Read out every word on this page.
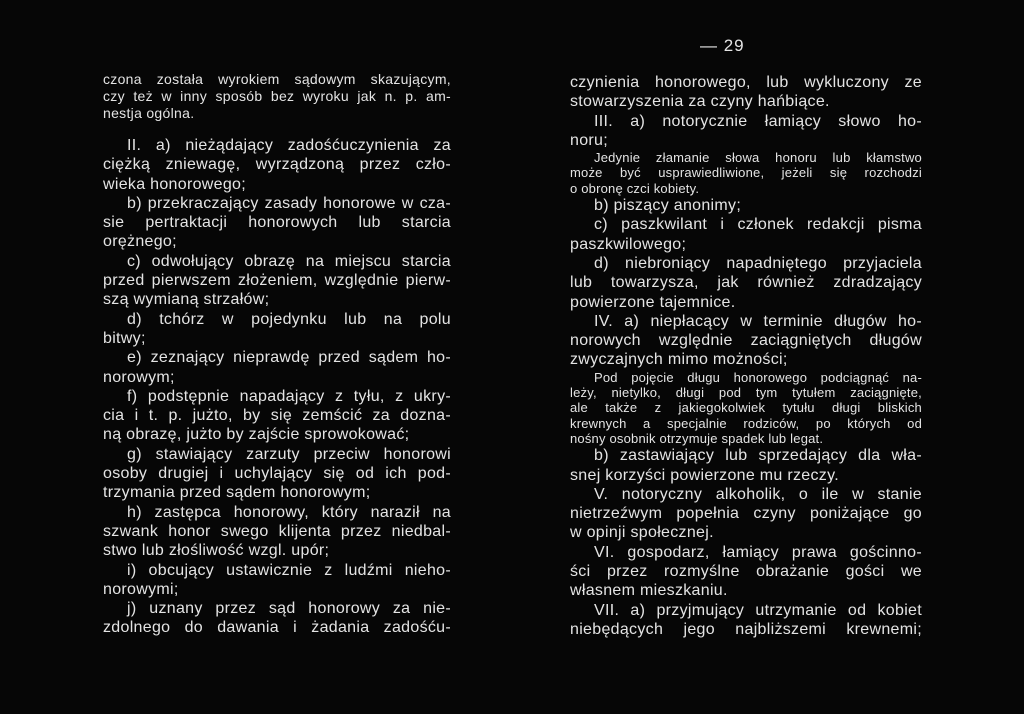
— 29
czona została wyrokiem sądowym skazującym,
czy też w inny sposób bez wyroku jak n. p. am-
nestja ogólna.
II. a) nieżądający zadośćuczynienia za
ciężką zniewagę, wyrządzoną przez czło-
wieka honorowego;
b) przekraczający zasady honorowe w cza-
sie pertraktacji honorowych lub starcia
orężnego;
c) odwołujący obrazę na miejscu starcia
przed pierwszem złożeniem, względnie pierw-
szą wymianą strzałów;
d) tchórz w pojedynku lub na polu
bitwy;
e) zeznający nieprawdę przed sądem ho-
norowym;
f) podstępnie napadający z tyłu, z ukry-
cia i t. p. jużto, by się zemścić za dozna-
ną obrazę, jużto by zajście sprowokować;
g) stawiający zarzuty przeciw honorowi
osoby drugiej i uchylający się od ich pod-
trzymania przed sądem honorowym;
h) zastępca honorowy, który naraził na
szwank honor swego klijenta przez niedbal-
stwo lub złośliwość wzgl. upór;
i) obcujący ustawicznie z ludźmi nieho-
norowymi;
j) uznany przez sąd honorowy za nie-
zdolnego do dawania i żadania zadośću-
czynienia honorowego, lub wykluczony ze
stowarzyszenia za czyny hańbiące.
III. a) notorycznie łamiący słowo ho-
noru;
Jedynie złamanie słowa honoru lub kłamstwo
może być usprawiedliwione, jeżeli się rozchodzi
o obronę czci kobiety.
b) piszący anonimy;
c) paszkwilant i członek redakcji pisma
paszkwilowego;
d) niebroniący napadniętego przyjaciela
lub towarzysza, jak również zdradzający
powierzone tajemnice.
IV. a) niepłacący w terminie długów ho-
norowych względnie zaciągniętych długów
zwyczajnych mimo możności;
Pod pojęcie długu honorowego podciągnąć na-
leży, nietylko, długi pod tym tytułem zaciągnięte,
ale także z jakiegokolwiek tytułu długi bliskich
krewnych a specjalnie rodziców, po których od
nośny osobnik otrzymuje spadek lub legat.
b) zastawiający lub sprzedający dla wła-
snej korzyści powierzone mu rzeczy.
V. notoryczny alkoholik, o ile w stanie
nietrzeźwym popełnia czyny poniżające go
w opinji społecznej.
VI. gospodarz, łamiący prawa gościnno-
ści przez rozmyślne obrażanie gości we
własnem mieszkaniu.
VII. a) przyjmujący utrzymanie od kobiet
niebędących jego najbliższemi krewnemi;
